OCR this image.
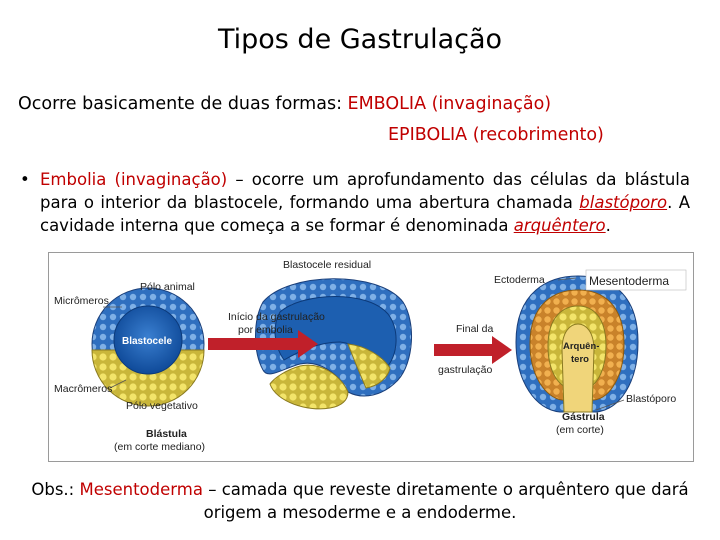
Tipos de Gastrulação
Ocorre basicamente de duas formas: EMBOLIA (invaginação)
EPIBOLIA (recobrimento)
• Embolia (invaginação) – ocorre um aprofundamento das células da blástula para o interior da blastocele, formando uma abertura chamada blastóporo. A cavidade interna que começa a se formar é denominada arquêntero.
Blastocele residual
Ectoderma
Pólo animal
Micrômeros
Blastocele
Início da gastrulação
por embolia	Final da
gastrulação
Arquên-
tero
Macrômeros
Pólo vegetativo
Blastóporo
Blástula
(em corte mediano)
Gástrula
(em corte)
Mesentoderma
Obs.: Mesentoderma – camada que reveste diretamente o arquêntero que dará
origem a mesoderme e a endoderme.
